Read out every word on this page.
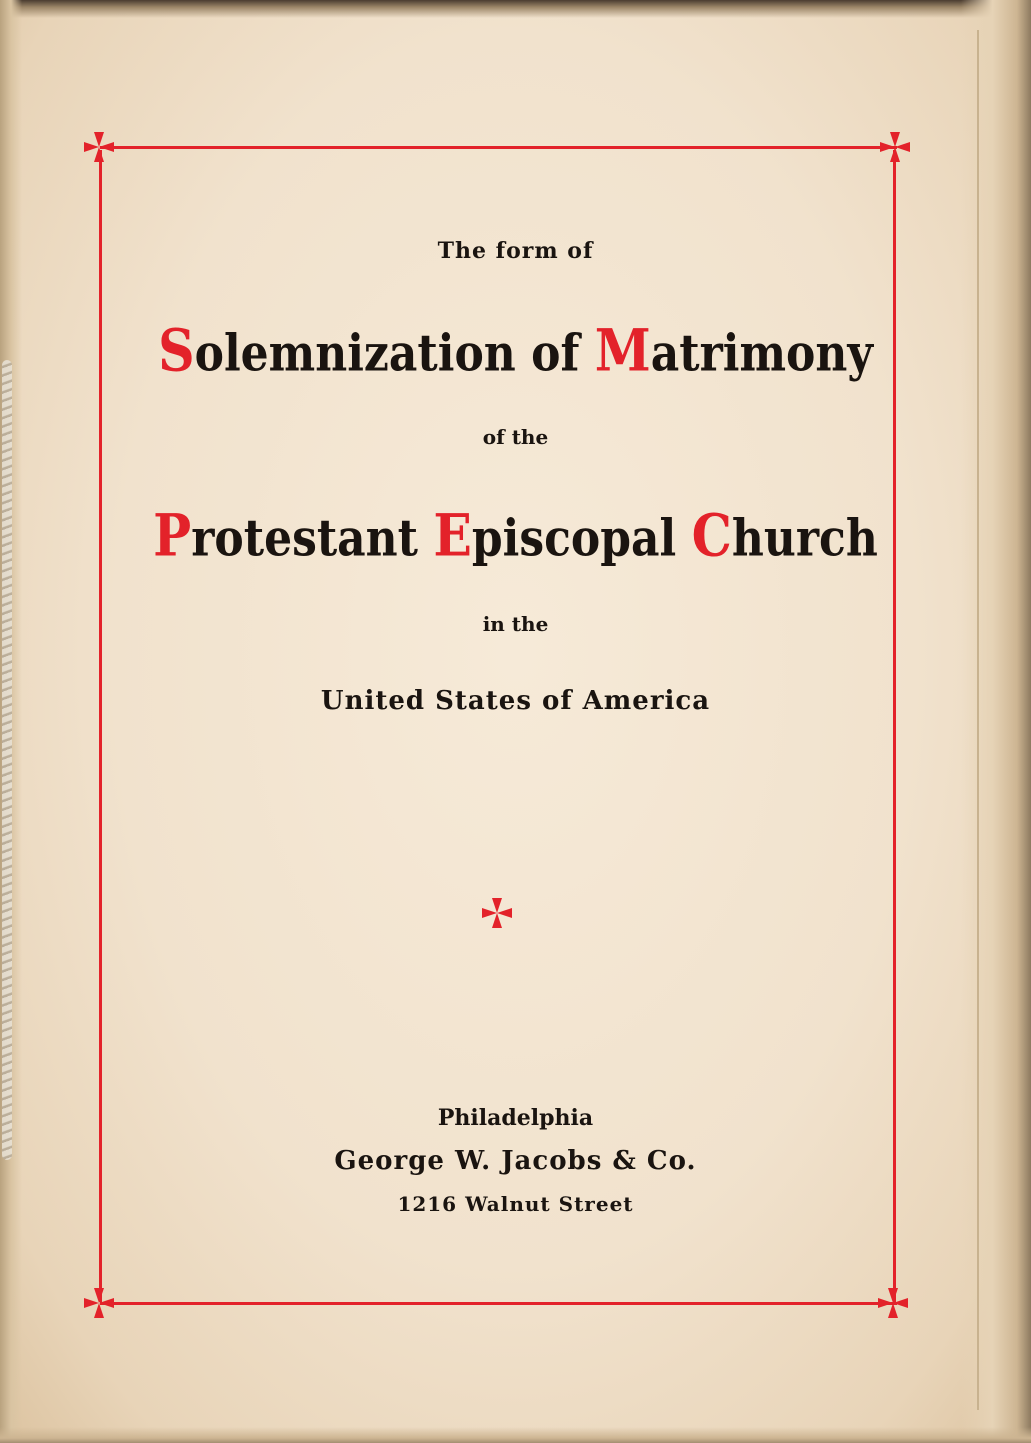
The form of
Solemnization of Matrimony
of the
Protestant Episcopal Church
in the
United States of America
Philadelphia
George W. Jacobs & Co.
1216 Walnut Street
